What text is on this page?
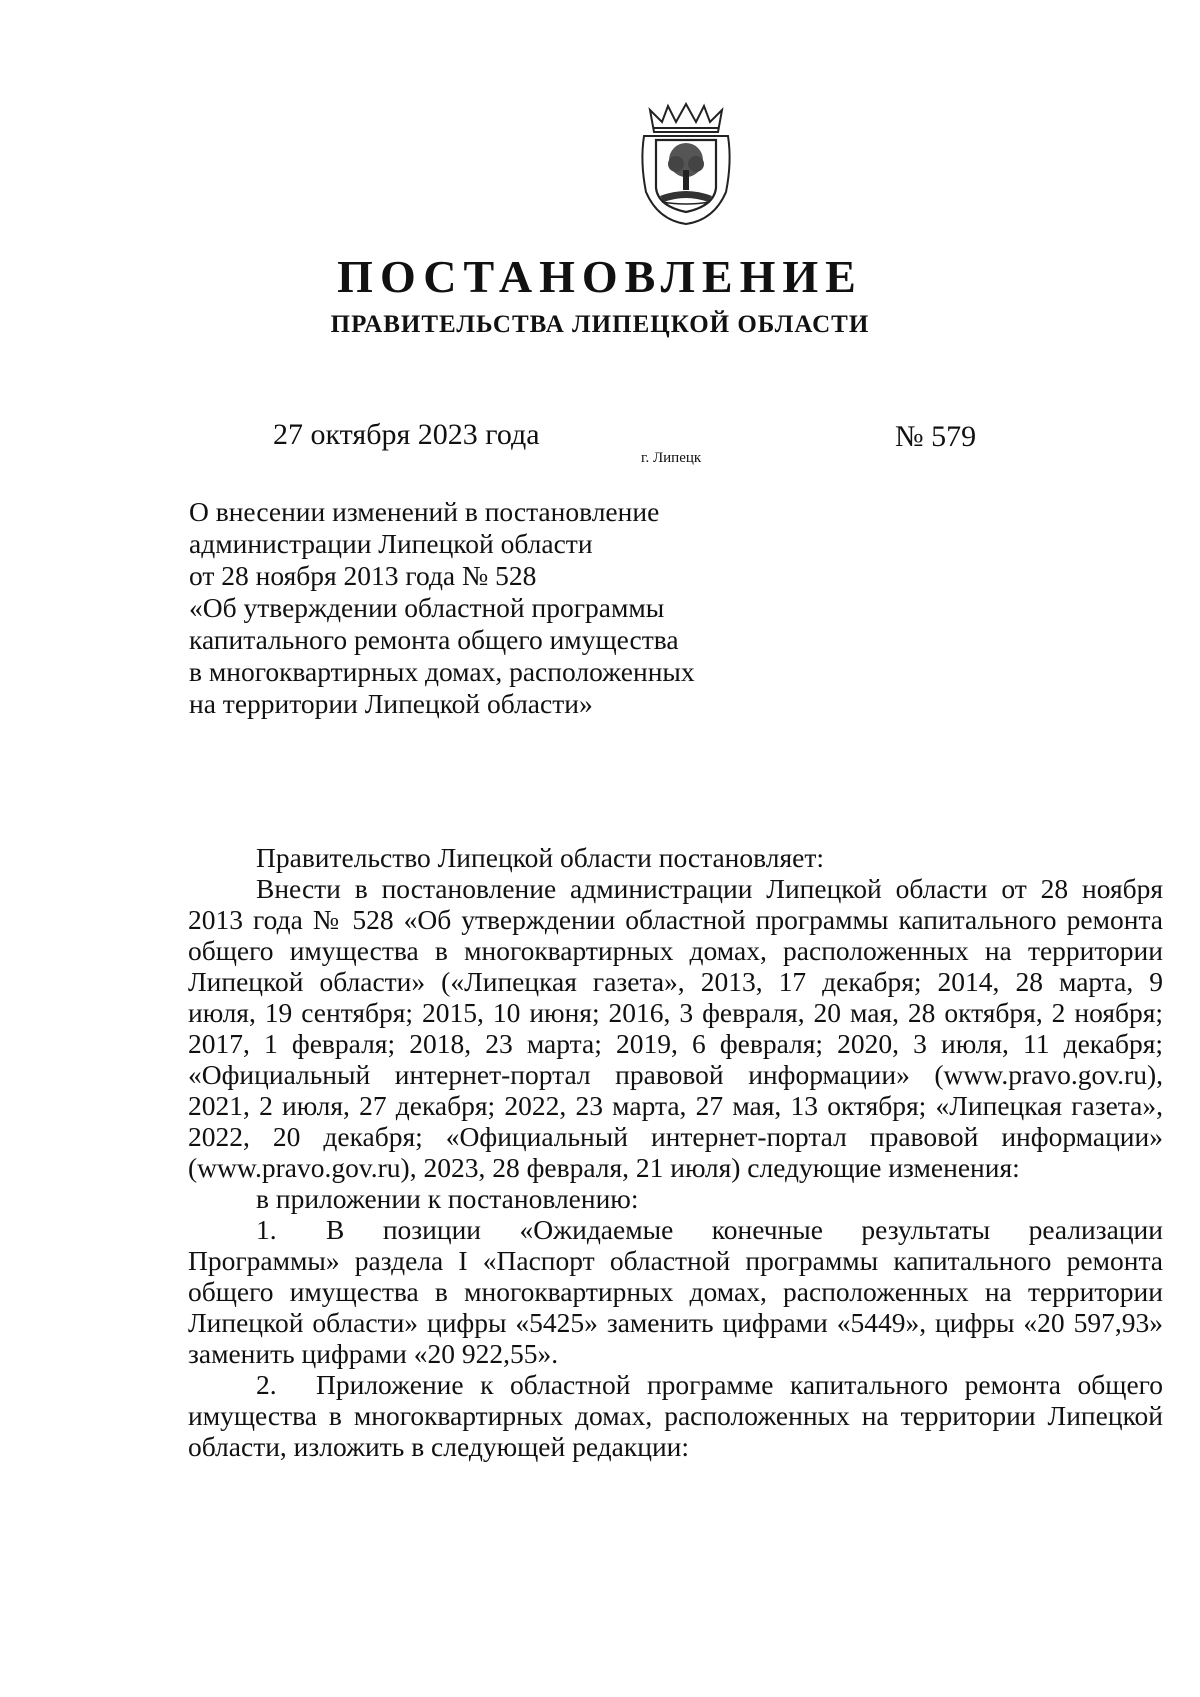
ПОСТАНОВЛЕНИЕ
ПРАВИТЕЛЬСТВА ЛИПЕЦКОЙ ОБЛАСТИ
27 октября 2023 года
г. Липецк
№ 579
О внесении изменений в постановление
администрации Липецкой области
от 28 ноября 2013 года № 528
«Об утверждении областной программы
капитального ремонта общего имущества
в многоквартирных домах, расположенных
на территории Липецкой области»
Правительство Липецкой области постановляет:
Внести в постановление администрации Липецкой области от 28 ноября
2013 года № 528 «Об утверждении областной программы капитального ремонта
общего имущества в многоквартирных домах, расположенных на территории
Липецкой области» («Липецкая газета», 2013, 17 декабря; 2014, 28 марта, 9
июля, 19 сентября; 2015, 10 июня; 2016, 3 февраля, 20 мая, 28 октября, 2 ноября;
2017, 1 февраля; 2018, 23 марта; 2019, 6 февраля; 2020, 3 июля, 11 декабря;
«Официальный интернет-портал правовой информации» (www.pravo.gov.ru),
2021, 2 июля, 27 декабря; 2022, 23 марта, 27 мая, 13 октября; «Липецкая газета»,
2022, 20 декабря; «Официальный интернет-портал правовой информации»
(www.pravo.gov.ru), 2023, 28 февраля, 21 июля) следующие изменения:
в приложении к постановлению:
1. В позиции «Ожидаемые конечные результаты реализации
Программы» раздела I «Паспорт областной программы капитального ремонта
общего имущества в многоквартирных домах, расположенных на территории
Липецкой области» цифры «5425» заменить цифрами «5449», цифры «20 597,93»
заменить цифрами «20 922,55».
2. Приложение к областной программе капитального ремонта общего
имущества в многоквартирных домах, расположенных на территории Липецкой
области, изложить в следующей редакции:
